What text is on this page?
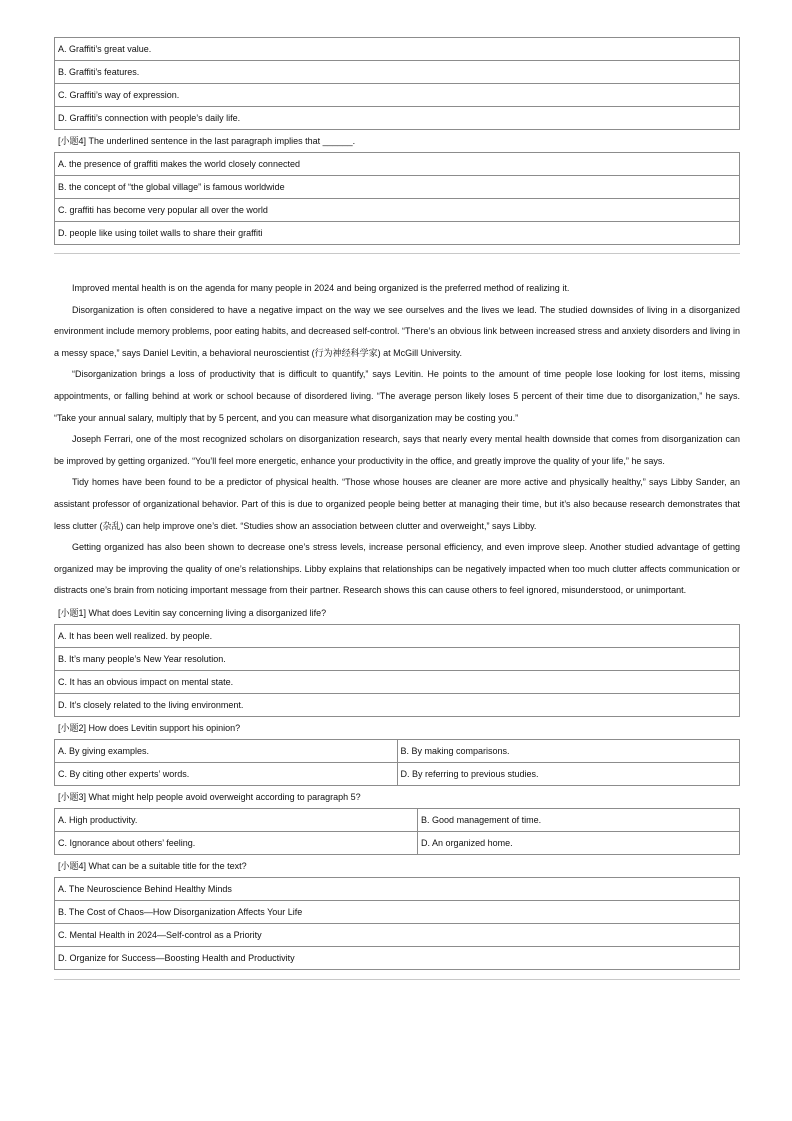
A. Graffiti’s great value.
B. Graffiti’s features.
C. Graffiti’s way of expression.
D. Graffiti’s connection with people’s daily life.
[小题4] The underlined sentence in the last paragraph implies that ______.
A. the presence of graffiti makes the world closely connected
B. the concept of “the global village” is famous worldwide
C. graffiti has become very popular all over the world
D. people like using toilet walls to share their graffiti

Improved mental health is on the agenda for many people in 2024 and being organized is the preferred method of realizing it.

Disorganization is often considered to have a negative impact on the way we see ourselves and the lives we lead. The studied downsides of living in a disorganized environment include memory problems, poor eating habits, and decreased self-control. “There’s an obvious link between increased stress and anxiety disorders and living in a messy space,” says Daniel Levitin, a behavioral neuroscientist (行为神经科学家) at McGill University.

“Disorganization brings a loss of productivity that is difficult to quantify,” says Levitin. He points to the amount of time people lose looking for lost items, missing appointments, or falling behind at work or school because of disordered living. “The average person likely loses 5 percent of their time due to disorganization,” he says. “Take your annual salary, multiply that by 5 percent, and you can measure what disorganization may be costing you.”

Joseph Ferrari, one of the most recognized scholars on disorganization research, says that nearly every mental health downside that comes from disorganization can be improved by getting organized. “You’ll feel more energetic, enhance your productivity in the office, and greatly improve the quality of your life,” he says.

Tidy homes have been found to be a predictor of physical health. “Those whose houses are cleaner are more active and physically healthy,” says Libby Sander, an assistant professor of organizational behavior. Part of this is due to organized people being better at managing their time, but it’s also because research demonstrates that less clutter (杂乱) can help improve one’s diet. “Studies show an association between clutter and overweight,” says Libby.

Getting organized has also been shown to decrease one’s stress levels, increase personal efficiency, and even improve sleep. Another studied advantage of getting organized may be improving the quality of one’s relationships. Libby explains that relationships can be negatively impacted when too much clutter affects communication or distracts one’s brain from noticing important message from their partner. Research shows this can cause others to feel ignored, misunderstood, or unimportant.

[小题1] What does Levitin say concerning living a disorganized life?
A. It has been well realized. by people.
B. It’s many people’s New Year resolution.
C. It has an obvious impact on mental state.
D. It’s closely related to the living environment.
[小题2] How does Levitin support his opinion?
A. By giving examples.	B. By making comparisons.
C. By citing other experts’ words.	D. By referring to previous studies.
[小题3] What might help people avoid overweight according to paragraph 5?
A. High productivity.	B. Good management of time.
C. Ignorance about others’ feeling.	D. An organized home.
[小题4] What can be a suitable title for the text?
A. The Neuroscience Behind Healthy Minds
B. The Cost of Chaos—How Disorganization Affects Your Life
C. Mental Health in 2024—Self-control as a Priority
D. Organize for Success—Boosting Health and Productivity
